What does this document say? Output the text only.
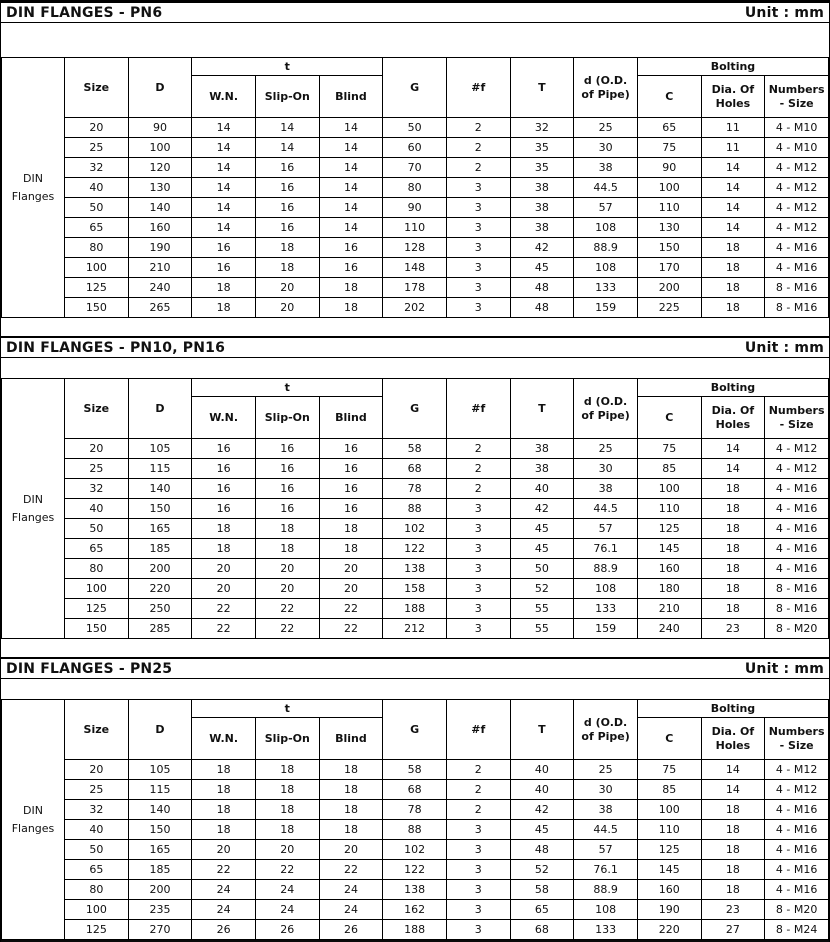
DIN FLANGES - PN6	Unit : mm
DIN
Flanges	Size	D	t			G	#f	T	d (O.D. of Pipe)	Bolting		
			W.N.	Slip-On	Blind					C	Dia. Of Holes	Numbers - Size
	20	90	14	14	14	50	2	32	25	65	11	4 - M10
	25	100	14	14	14	60	2	35	30	75	11	4 - M10
	32	120	14	16	14	70	2	35	38	90	14	4 - M12
	40	130	14	16	14	80	3	38	44.5	100	14	4 - M12
	50	140	14	16	14	90	3	38	57	110	14	4 - M12
	65	160	14	16	14	110	3	38	108	130	14	4 - M12
	80	190	16	18	16	128	3	42	88.9	150	18	4 - M16
	100	210	16	18	16	148	3	45	108	170	18	4 - M16
	125	240	18	20	18	178	3	48	133	200	18	8 - M16
	150	265	18	20	18	202	3	48	159	225	18	8 - M16
DIN FLANGES - PN10, PN16	Unit : mm
DIN
Flanges	Size	D	t			G	#f	T	d (O.D. of Pipe)	Bolting		
			W.N.	Slip-On	Blind					C	Dia. Of Holes	Numbers - Size
	20	105	16	16	16	58	2	38	25	75	14	4 - M12
	25	115	16	16	16	68	2	38	30	85	14	4 - M12
	32	140	16	16	16	78	2	40	38	100	18	4 - M16
	40	150	16	16	16	88	3	42	44.5	110	18	4 - M16
	50	165	18	18	18	102	3	45	57	125	18	4 - M16
	65	185	18	18	18	122	3	45	76.1	145	18	4 - M16
	80	200	20	20	20	138	3	50	88.9	160	18	4 - M16
	100	220	20	20	20	158	3	52	108	180	18	8 - M16
	125	250	22	22	22	188	3	55	133	210	18	8 - M16
	150	285	22	22	22	212	3	55	159	240	23	8 - M20
DIN FLANGES - PN25	Unit : mm
DIN
Flanges	Size	D	t			G	#f	T	d (O.D. of Pipe)	Bolting		
			W.N.	Slip-On	Blind					C	Dia. Of Holes	Numbers - Size
	20	105	18	18	18	58	2	40	25	75	14	4 - M12
	25	115	18	18	18	68	2	40	30	85	14	4 - M12
	32	140	18	18	18	78	2	42	38	100	18	4 - M16
	40	150	18	18	18	88	3	45	44.5	110	18	4 - M16
	50	165	20	20	20	102	3	48	57	125	18	4 - M16
	65	185	22	22	22	122	3	52	76.1	145	18	4 - M16
	80	200	24	24	24	138	3	58	88.9	160	18	4 - M16
	100	235	24	24	24	162	3	65	108	190	23	8 - M20
	125	270	26	26	26	188	3	68	133	220	27	8 - M24
